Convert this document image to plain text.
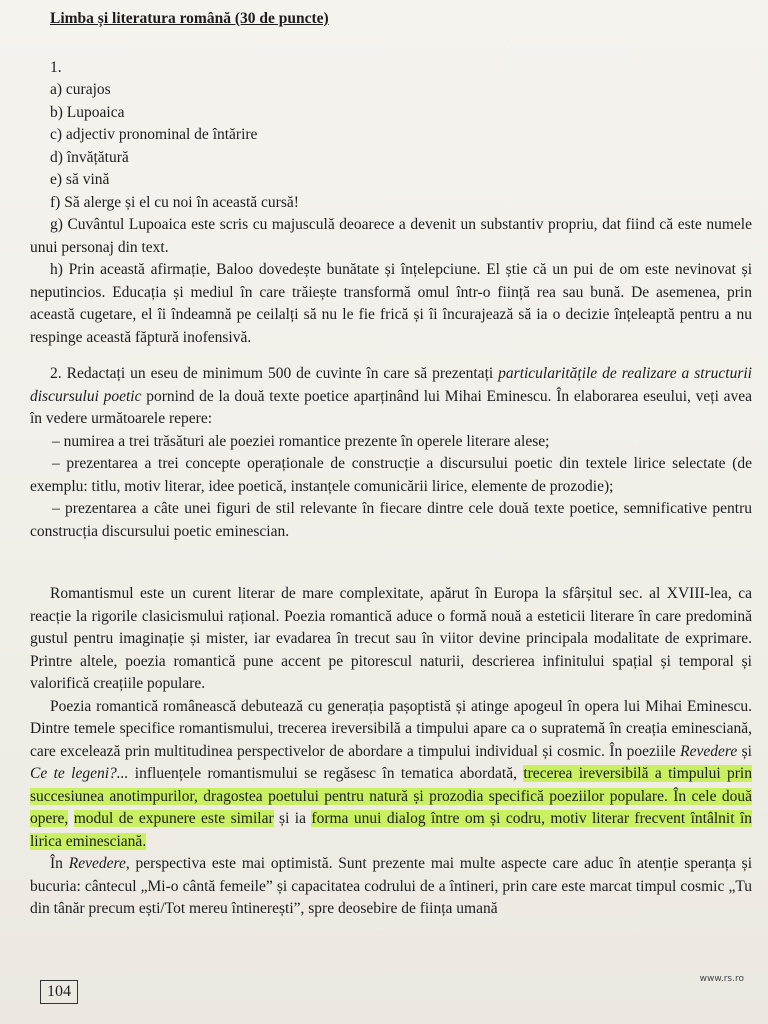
Limba și literatura română (30 de puncte)
1.
a) curajos
b) Lupoaica
c) adjectiv pronominal de întărire
d) învățătură
e) să vină
f) Să alerge și el cu noi în această cursă!

g) Cuvântul Lupoaica este scris cu majusculă deoarece a devenit un substantiv propriu, dat fiind că este numele unui personaj din text.

h) Prin această afirmație, Baloo dovedește bunătate și înțelepciune. El știe că un pui de om este nevinovat și neputincios. Educația și mediul în care trăiește transformă omul într-o ființă rea sau bună. De asemenea, prin această cugetare, el îi îndeamnă pe ceilalți să nu le fie frică și îi încurajează să ia o decizie înțeleaptă pentru a nu respinge această făptură inofensivă.

2. Redactați un eseu de minimum 500 de cuvinte în care să prezentați particularitățile de realizare a structurii discursului poetic pornind de la două texte poetice aparținând lui Mihai Eminescu. În elaborarea eseului, veți avea în vedere următoarele repere:

– numirea a trei trăsături ale poeziei romantice prezente în operele literare alese;
– prezentarea a trei concepte operaționale de construcție a discursului poetic din textele lirice selectate (de exemplu: titlu, motiv literar, idee poetică, instanțele comunicării lirice, elemente de prozodie);
– prezentarea a câte unei figuri de stil relevante în fiecare dintre cele două texte poetice, semnificative pentru construcția discursului poetic eminescian.

Romantismul este un curent literar de mare complexitate, apărut în Europa la sfârșitul sec. al XVIII-lea, ca reacție la rigorile clasicismului rațional. Poezia romantică aduce o formă nouă a esteticii literare în care predomină gustul pentru imaginație și mister, iar evadarea în trecut sau în viitor devine principala modalitate de exprimare. Printre altele, poezia romantică pune accent pe pitorescul naturii, descrierea infinitului spațial și temporal și valorifică creațiile populare.

Poezia romantică românească debutează cu generația pașoptistă și atinge apogeul în opera lui Mihai Eminescu. Dintre temele specifice romantismului, trecerea ireversibilă a timpului apare ca o supratemă în creația eminesciană, care excelează prin multitudinea perspectivelor de abordare a timpului individual și cosmic. În poeziile Revedere și Ce te legeni?... influențele romantismului se regăsesc în tematica abordată, trecerea ireversibilă a timpului prin succesiunea anotimpurilor, dragostea poetului pentru natură și prozodia specifică poeziilor populare. În cele două opere, modul de expunere este similar și ia forma unui dialog între om și codru, motiv literar frecvent întâlnit în lirica eminesciană.

În Revedere, perspectiva este mai optimistă. Sunt prezente mai multe aspecte care aduc în atenție speranța și bucuria: cântecul „Mi-o cântă femeile” și capacitatea codrului de a întineri, prin care este marcat timpul cosmic „Tu din tânăr precum ești/Tot mereu întinerești”, spre deosebire de ființa umană

104
www.rs.ro
